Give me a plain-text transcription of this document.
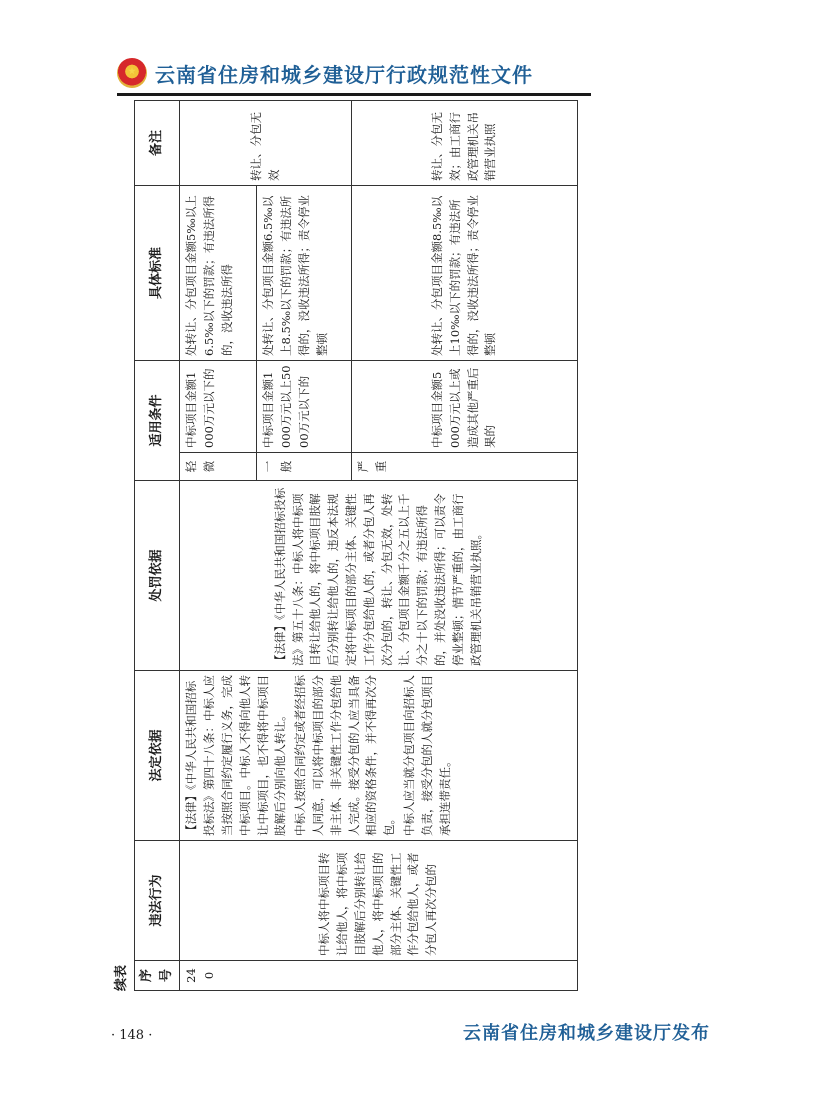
云南省住房和城乡建设厅行政规范性文件
续表 序号	违法行为	法定依据	处罚依据	适用条件		具体标准	备注
240	中标人将中标项目转让给他人，将中标项目肢解后分别转让给他人，将中标项目的部分主体、关键性工作分包给他人，或者分包人再次分包的	【法律】《中华人民共和国招标投标法》第四十八条：中标人应当按照合同约定履行义务，完成中标项目。中标人不得向他人转让中标项目，也不得将中标项目肢解后分别向他人转让。 中标人按照合同约定或者经招标人同意，可以将中标项目的部分非主体、非关键性工作分包给他人完成。接受分包的人应当具备相应的资格条件，并不得再次分包。 中标人应当就分包项目向招标人负责，接受分包的人就分包项目承担连带责任。	【法律】《中华人民共和国招标投标法》第五十八条：中标人将中标项目转让给他人的，将中标项目肢解后分别转让给他人的，违反本法规定将中标项目的部分主体、关键性工作分包给他人的，或者分包人再次分包的，转让、分包无效，处转让、分包项目金额千分之五以上千分之十以下的罚款；有违法所得的，并处没收违法所得；可以责令停业整顿；情节严重的，由工商行政管理机关吊销营业执照。	轻微	中标项目金额1000万元以下的	处转让、分包项目金额5‰以上6.5‰以下的罚款；有违法所得的，没收违法所得	转让、分包无效
				一般	中标项目金额1000万元以上5000万元以下的	处转让、分包项目金额6.5‰以上8.5‰以下的罚款；有违法所得的，没收违法所得；责令停业整顿	
				严重	中标项目金额5000万元以上或造成其他严重后果的	处转让、分包项目金额8.5‰以上10‰以下的罚款；有违法所得的，没收违法所得；责令停业整顿	转让、分包无效；由工商行政管理机关吊销营业执照
· 148 ·	云南省住房和城乡建设厅发布
